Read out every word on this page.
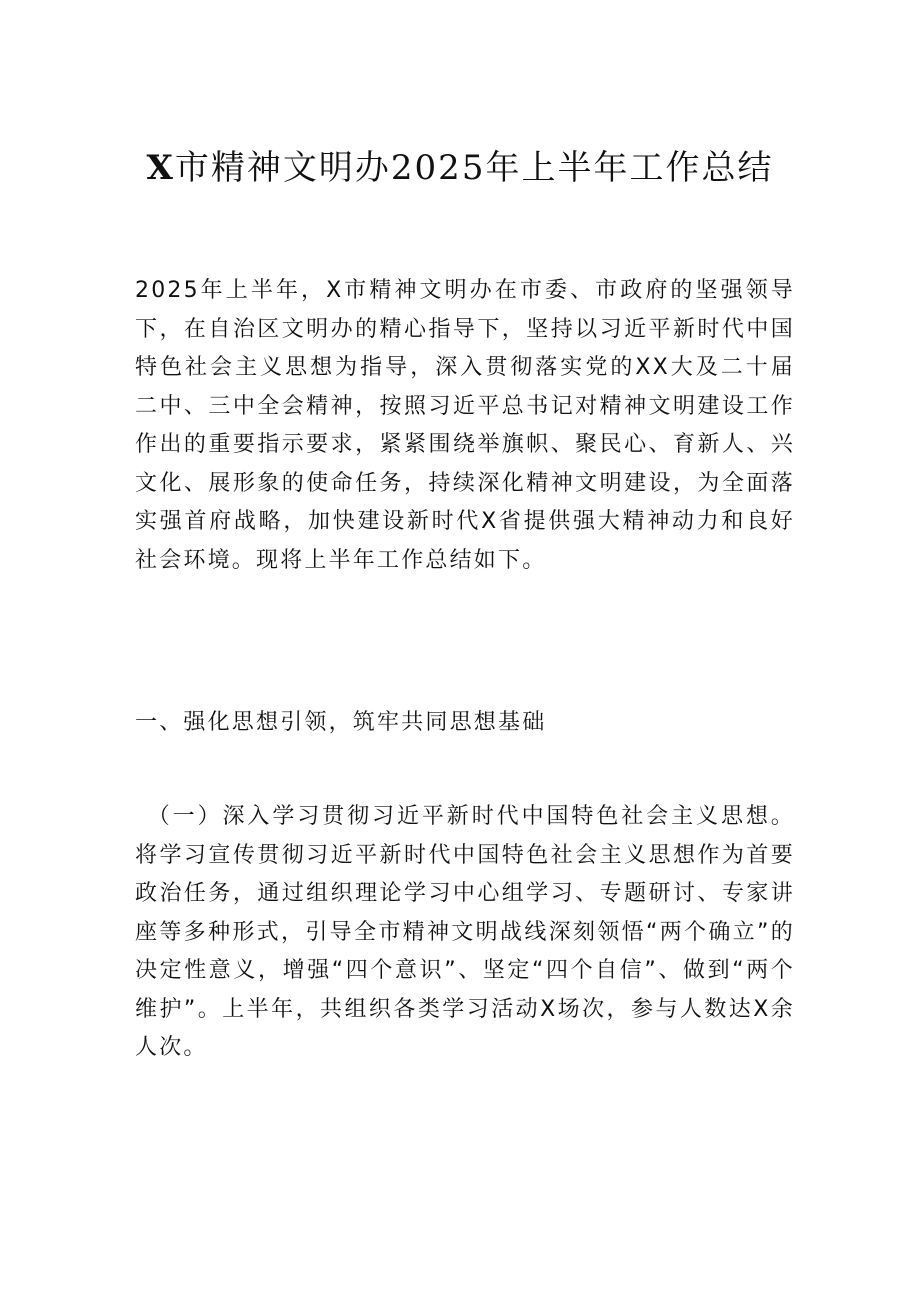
X市精神文明办2025年上半年工作总结

2025年上半年，X市精神文明办在市委、市政府的坚强领导下，在自治区文明办的精心指导下，坚持以习近平新时代中国特色社会主义思想为指导，深入贯彻落实党的XX大及二十届二中、三中全会精神，按照习近平总书记对精神文明建设工作作出的重要指示要求，紧紧围绕举旗帜、聚民心、育新人、兴文化、展形象的使命任务，持续深化精神文明建设，为全面落实强首府战略，加快建设新时代X省提供强大精神动力和良好社会环境。现将上半年工作总结如下。

一、强化思想引领，筑牢共同思想基础

（一）深入学习贯彻习近平新时代中国特色社会主义思想。将学习宣传贯彻习近平新时代中国特色社会主义思想作为首要政治任务，通过组织理论学习中心组学习、专题研讨、专家讲座等多种形式，引导全市精神文明战线深刻领悟“两个确立”的决定性意义，增强“四个意识”、坚定“四个自信”、做到“两个维护”。上半年，共组织各类学习活动X场次，参与人数达X余人次。
